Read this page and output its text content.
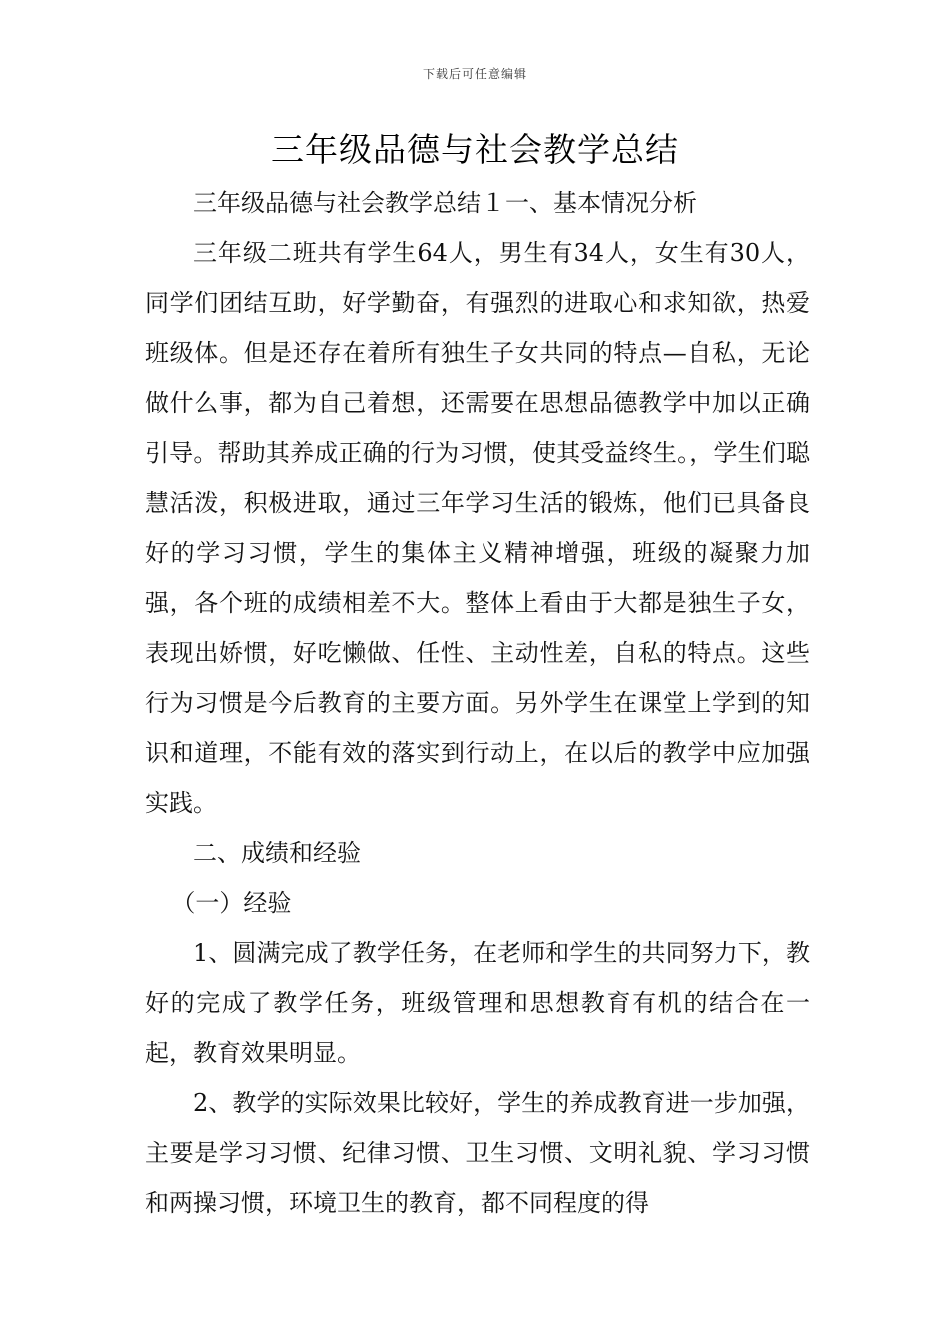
下载后可任意编辑
三年级品德与社会教学总结

三年级品德与社会教学总结１一、基本情况分析

三年级二班共有学生64人，男生有34人，女生有30人，同学们团结互助，好学勤奋，有强烈的进取心和求知欲，热爱班级体。但是还存在着所有独生子女共同的特点—自私，无论做什么事，都为自己着想，还需要在思想品德教学中加以正确引导。帮助其养成正确的行为习惯，使其受益终生。，学生们聪慧活泼，积极进取，通过三年学习生活的锻炼，他们已具备良好的学习习惯，学生的集体主义精神增强，班级的凝聚力加强，各个班的成绩相差不大。整体上看由于大都是独生子女，表现出娇惯，好吃懒做、任性、主动性差，自私的特点。这些行为习惯是今后教育的主要方面。另外学生在课堂上学到的知识和道理，不能有效的落实到行动上，在以后的教学中应加强实践。

二、成绩和经验

（一）经验

1、圆满完成了教学任务，在老师和学生的共同努力下，教好的完成了教学任务，班级管理和思想教育有机的结合在一起，教育效果明显。

2、教学的实际效果比较好，学生的养成教育进一步加强，主要是学习习惯、纪律习惯、卫生习惯、文明礼貌、学习习惯和两操习惯，环境卫生的教育，都不同程度的得
